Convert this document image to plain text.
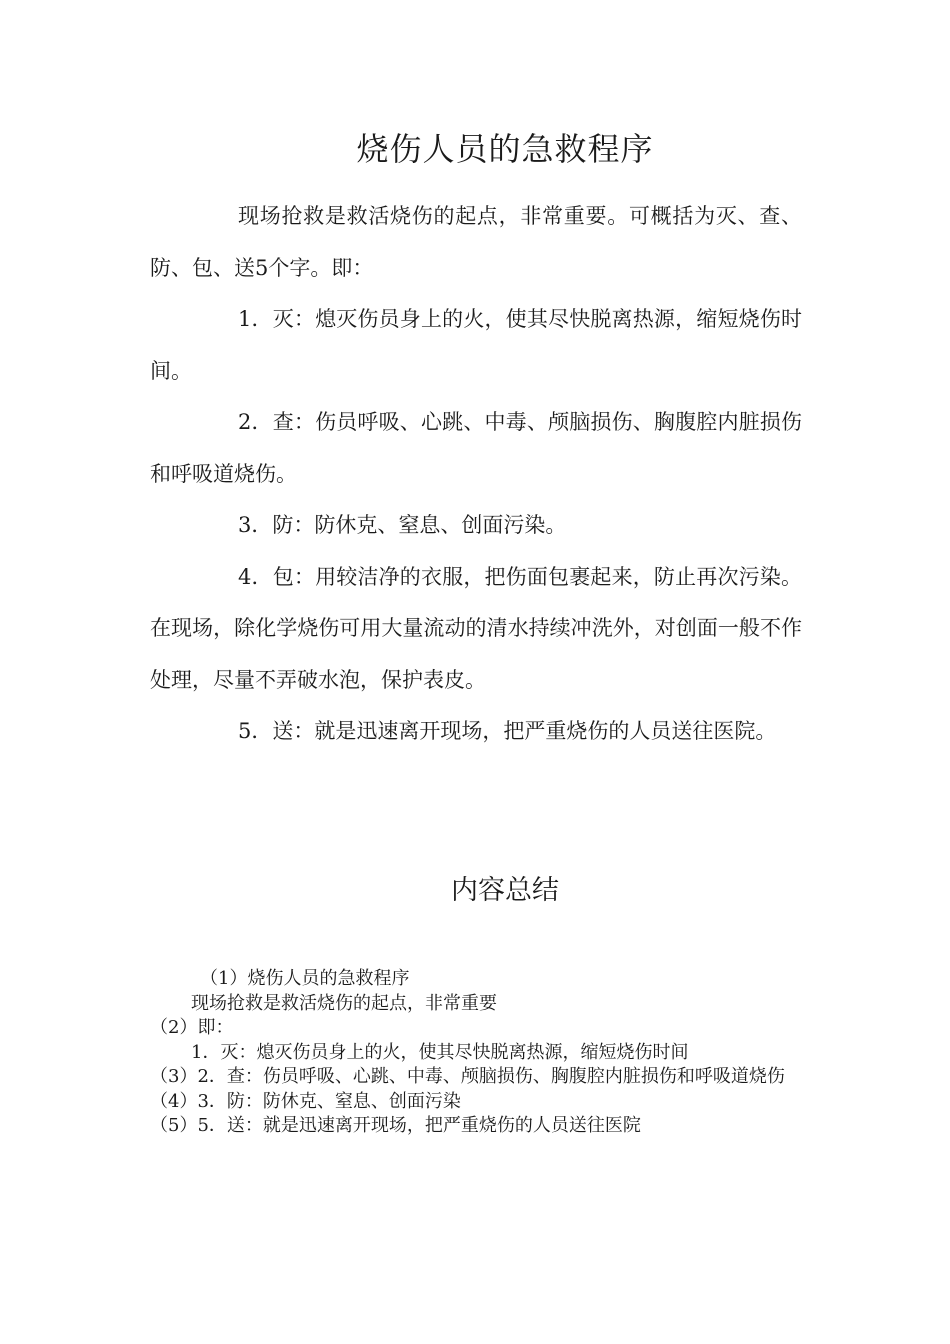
烧伤人员的急救程序

现场抢救是救活烧伤的起点，非常重要。可概括为灭、查、防、包、送5个字。即：

1．灭：熄灭伤员身上的火，使其尽快脱离热源，缩短烧伤时间。

2．查：伤员呼吸、心跳、中毒、颅脑损伤、胸腹腔内脏损伤和呼吸道烧伤。

3．防：防休克、窒息、创面污染。

4．包：用较洁净的衣服，把伤面包裹起来，防止再次污染。在现场，除化学烧伤可用大量流动的清水持续冲洗外，对创面一般不作处理，尽量不弄破水泡，保护表皮。

5．送：就是迅速离开现场，把严重烧伤的人员送往医院。

内容总结
（1）烧伤人员的急救程序
现场抢救是救活烧伤的起点，非常重要
（2）即：
1．灭：熄灭伤员身上的火，使其尽快脱离热源，缩短烧伤时间
（3）2．查：伤员呼吸、心跳、中毒、颅脑损伤、胸腹腔内脏损伤和呼吸道烧伤
（4）3．防：防休克、窒息、创面污染
（5）5．送：就是迅速离开现场，把严重烧伤的人员送往医院
